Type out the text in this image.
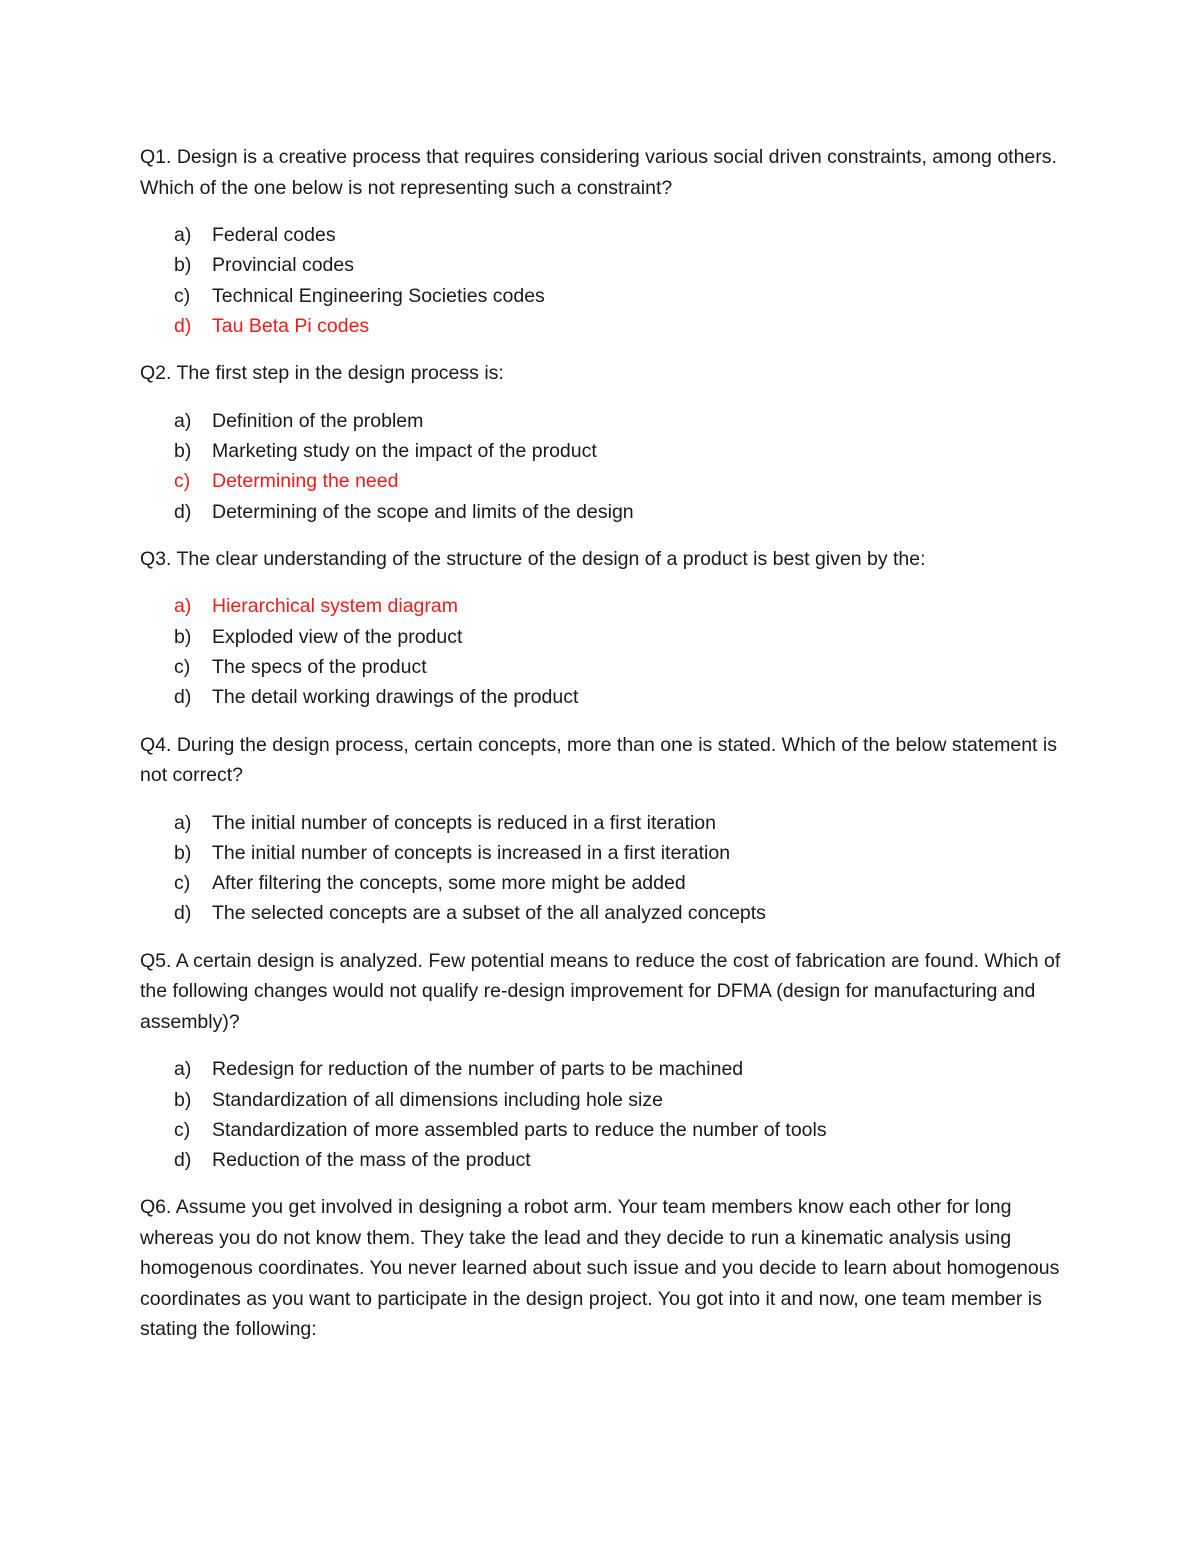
Q1. Design is a creative process that requires considering various social driven constraints, among others. Which of the one below is not representing such a constraint?

a)	Federal codes
b)	Provincial codes
c)	Technical Engineering Societies codes
d)	Tau Beta Pi codes

Q2. The first step in the design process is:

a)	Definition of the problem
b)	Marketing study on the impact of the product
c)	Determining the need
d)	Determining of the scope and limits of the design

Q3. The clear understanding of the structure of the design of a product is best given by the:

a)	Hierarchical system diagram
b)	Exploded view of the product
c)	The specs of the product
d)	The detail working drawings of the product

Q4. During the design process, certain concepts, more than one is stated. Which of the below statement is not correct?

a)	The initial number of concepts is reduced in a first iteration
b)	The initial number of concepts is increased in a first iteration
c)	After filtering the concepts, some more might be added
d)	The selected concepts are a subset of the all analyzed concepts

Q5. A certain design is analyzed. Few potential means to reduce the cost of fabrication are found. Which of the following changes would not qualify re-design improvement for DFMA (design for manufacturing and assembly)?

a)	Redesign for reduction of the number of parts to be machined
b)	Standardization of all dimensions including hole size
c)	Standardization of more assembled parts to reduce the number of tools
d)	Reduction of the mass of the product

Q6. Assume you get involved in designing a robot arm. Your team members know each other for long whereas you do not know them. They take the lead and they decide to run a kinematic analysis using homogenous coordinates. You never learned about such issue and you decide to learn about homogenous coordinates as you want to participate in the design project. You got into it and now, one team member is stating the following:
